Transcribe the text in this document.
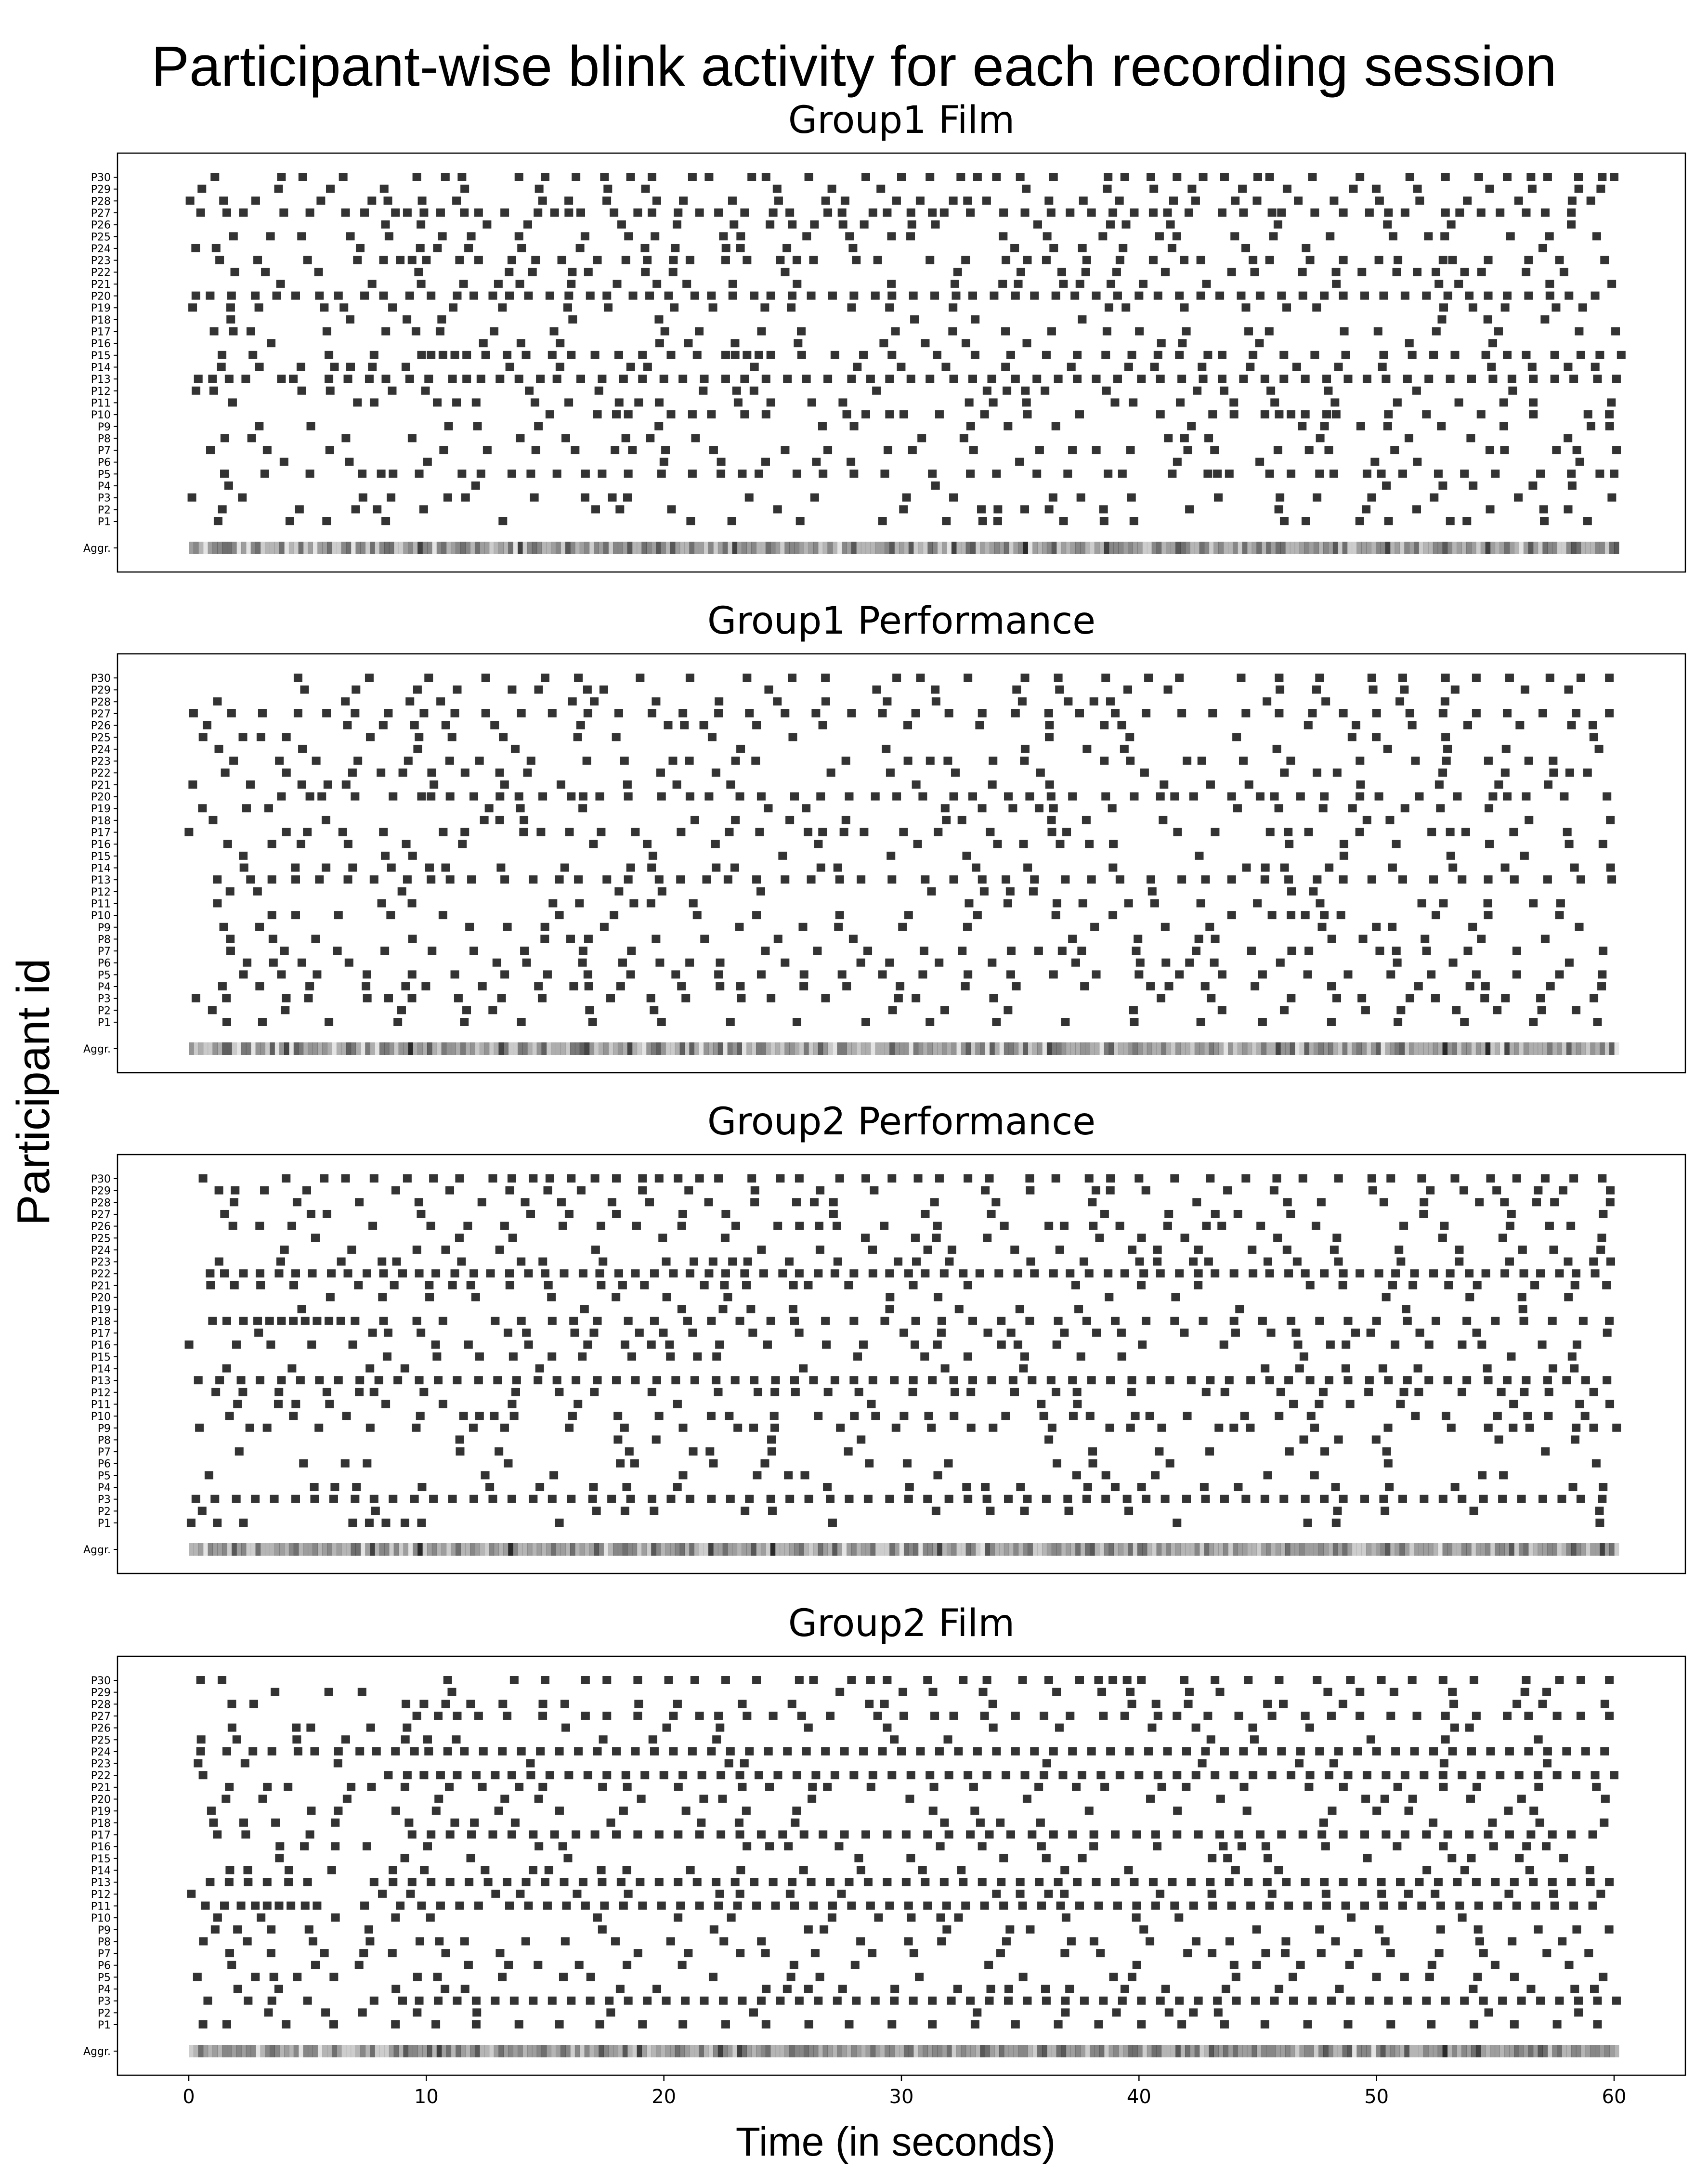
Participant-wise blink activity for each recording session
Participant id
Time (in seconds)
Group1 Film
P30
P29
P28
P27
P26
P25
P24
P23
P22
P21
P20
P19
P18
P17
P16
P15
P14
P13
P12
P11
P10
P9
P8
P7
P6
P5
P4
P3
P2
P1
Aggr.
Group1 Performance
P30
P29
P28
P27
P26
P25
P24
P23
P22
P21
P20
P19
P18
P17
P16
P15
P14
P13
P12
P11
P10
P9
P8
P7
P6
P5
P4
P3
P2
P1
Aggr.
Group2 Performance
P30
P29
P28
P27
P26
P25
P24
P23
P22
P21
P20
P19
P18
P17
P16
P15
P14
P13
P12
P11
P10
P9
P8
P7
P6
P5
P4
P3
P2
P1
Aggr.
Group2 Film
P30
P29
P28
P27
P26
P25
P24
P23
P22
P21
P20
P19
P18
P17
P16
P15
P14
P13
P12
P11
P10
P9
P8
P7
P6
P5
P4
P3
P2
P1
Aggr.
0	10	20	30	40	50	60
